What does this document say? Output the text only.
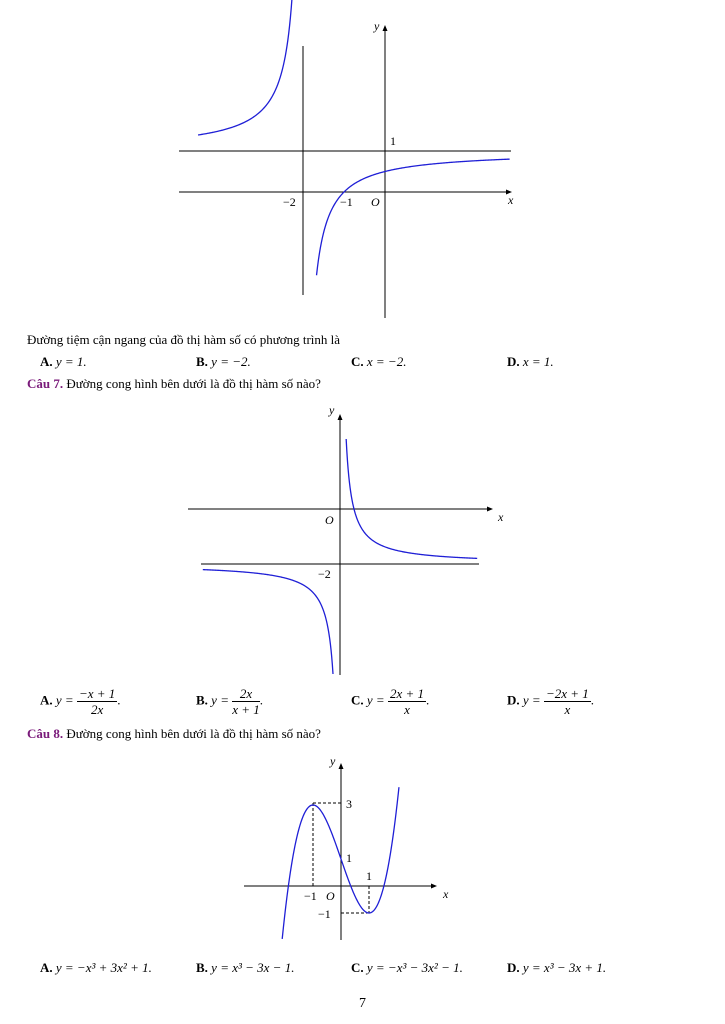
y
x
O
−2	−1
1
Đường tiệm cận ngang của đồ thị hàm số có phương trình là
A. y = 1.	B. y = −2.	C. x = −2.	D. x = 1.
Câu 7. Đường cong hình bên dưới là đồ thị hàm số nào?
y
x
O
−2
A. $y = \frac{-x + 1}{2x}$ .	B. $y = \frac{2x}{x + 1}$ .	C. $y = \frac{2x + 1}{x}$ .	D. $y = \frac{-2x + 1}{x}$ .
Câu 8. Đường cong hình bên dưới là đồ thị hàm số nào?
y
x
3
1
1
−1 O
−1
A. y = −x³ + 3x² + 1.	B. y = x³ − 3x − 1.	C. y = −x³ − 3x² − 1.	D. y = x³ − 3x + 1.
7
